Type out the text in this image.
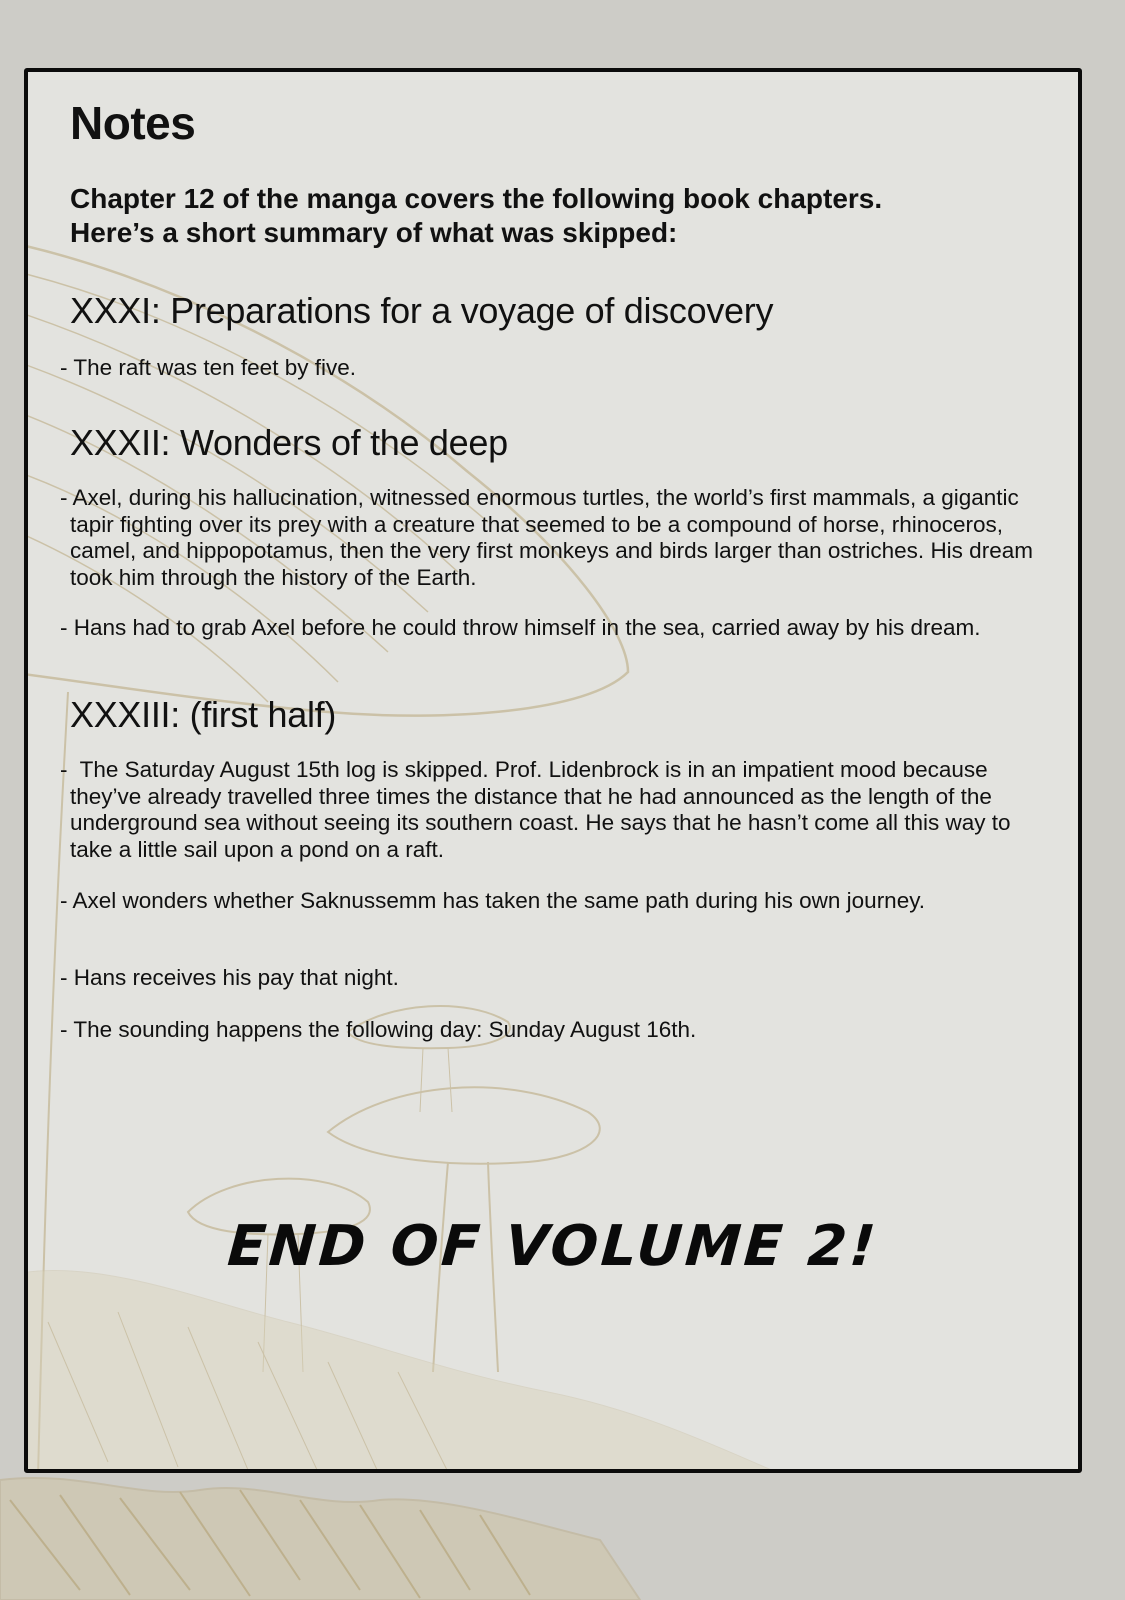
Notes
Chapter 12 of the manga covers the following book chapters.
Here’s a short summary of what was skipped:
XXXI: Preparations for a voyage of discovery

- The raft was ten feet by five.

XXXII: Wonders of the deep

- Axel, during his hallucination, witnessed enormous turtles, the world’s first mammals, a gigantic tapir fighting over its prey with a creature that seemed to be a compound of horse, rhinoceros, camel, and hippopotamus, then the very first monkeys and birds larger than ostriches. His dream took him through the history of the Earth.

- Hans had to grab Axel before he could throw himself in the sea, carried away by his dream.

XXXIII: (first half)

-  The Saturday August 15th log is skipped. Prof. Lidenbrock is in an impatient mood because they’ve already travelled three times the distance that he had announced as the length of the underground sea without seeing its southern coast. He says that he hasn’t come all this way to take a little sail upon a pond on a raft.

- Axel wonders whether Saknussemm has taken the same path during his own journey.

- Hans receives his pay that night.

- The sounding happens the following day: Sunday August 16th.

END OF VOLUME 2!
